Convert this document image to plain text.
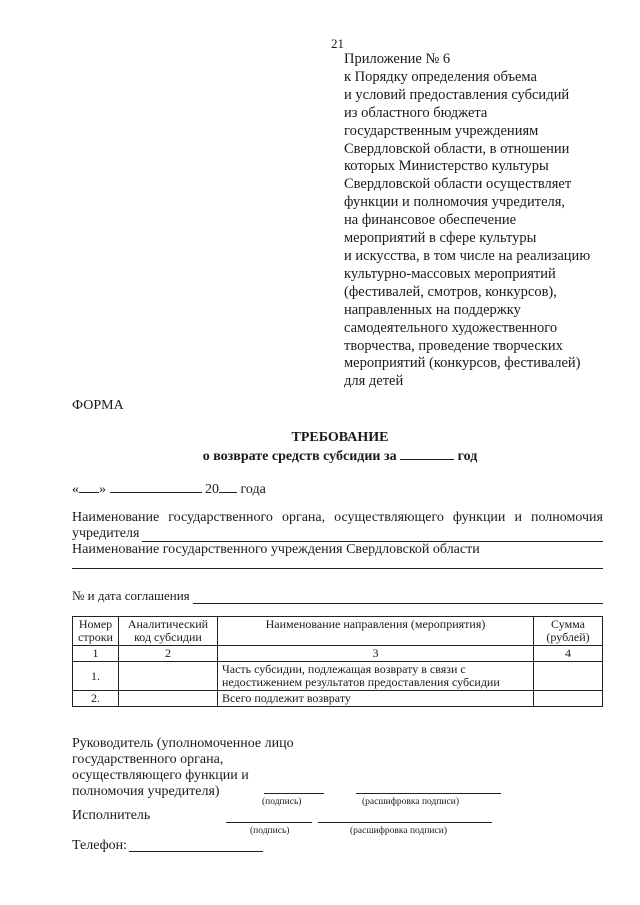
21
Приложение № 6
к Порядку определения объема
и условий предоставления субсидий
из областного бюджета
государственным учреждениям
Свердловской области, в отношении
которых Министерство культуры
Свердловской области осуществляет
функции и полномочия учредителя,
на финансовое обеспечение
мероприятий в сфере культуры
и искусства, в том числе на реализацию
культурно-массовых мероприятий
(фестивалей, смотров, конкурсов),
направленных на поддержку
самодеятельного художественного
творчества, проведение творческих
мероприятий (конкурсов, фестивалей)
для детей
ФОРМА
ТРЕБОВАНИЕ
о возврате средств субсидии за	год
« »	20 года
Наименование государственного органа, осуществляющего функции и полномочия
учредителя
Наименование государственного учреждения Свердловской области
№ и дата соглашения
Номер строки	Аналитический код субсидии	Наименование направления (мероприятия)	Сумма (рублей)
1	2	3	4
1.		Часть субсидии, подлежащая возврату в связи с недостижением результатов предоставления субсидии	
2.		Всего подлежит возврату	
Руководитель (уполномоченное лицо
государственного органа,
осуществляющего функции и
полномочия учредителя)
(подпись)	(расшифровка подписи)
Исполнитель
(подпись)	(расшифровка подписи)
Телефон:
